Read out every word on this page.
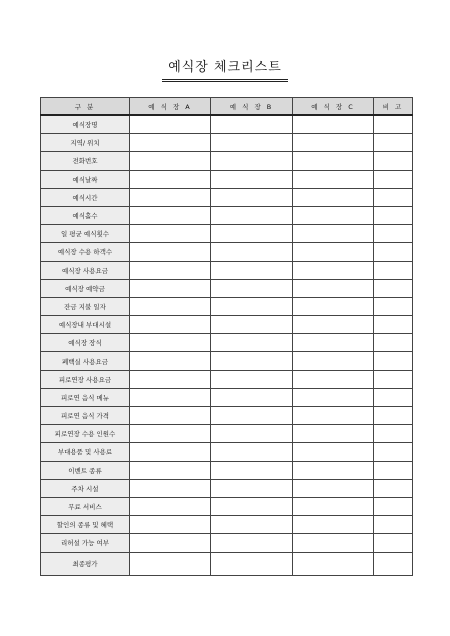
예식장 체크리스트
구 분	예 식 장 A	예 식 장 B	예 식 장 C	비 고
예식장명				
지역/ 위치				
전화번호				
예식날짜				
예식시간				
예식홀수				
일 평균 예식횟수				
예식장 수용 하객수				
예식장 사용요금				
예식장 예약금				
잔금 지불 일자				
예식장내 부대시설				
예식장 장식				
폐백실 사용요금				
피로연장 사용요금				
피로연 음식 메뉴				
피로연 음식 가격				
피로연장 수용 인원수				
부대용품 및 사용료				
이벤트 종류				
주차 시설				
무료 서비스				
할인의 종류 및 혜택				
리허설 가능 여부				
최종평가				
